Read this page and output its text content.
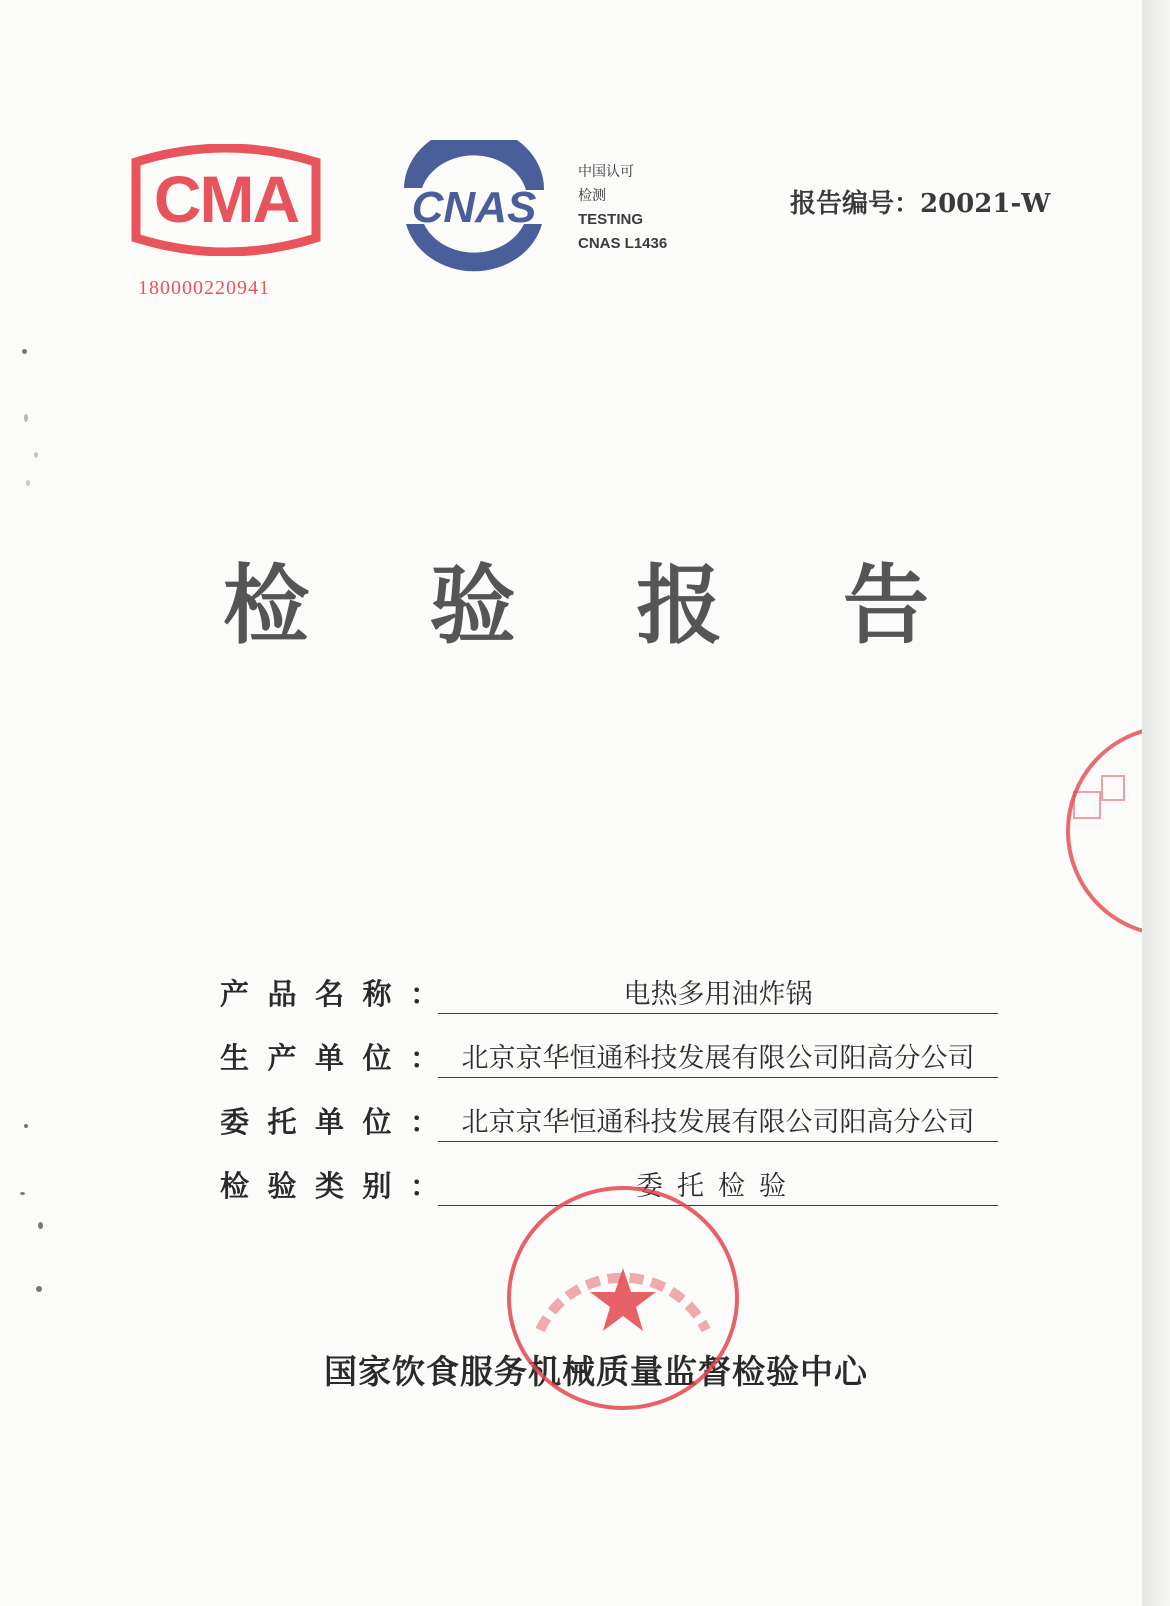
CMA
180000220941
CNAS
中国认可
检测
TESTING
CNAS L1436
报告编号：20021-W
检 验 报 告
产 品 名 称 ：	电热多用油炸锅
生 产 单 位 ： 北京京华恒通科技发展有限公司阳高分公司
委 托 单 位 ： 北京京华恒通科技发展有限公司阳高分公司
检 验 类 别 ：	委托检验
国家饮食服务机械质量监督检验中心
